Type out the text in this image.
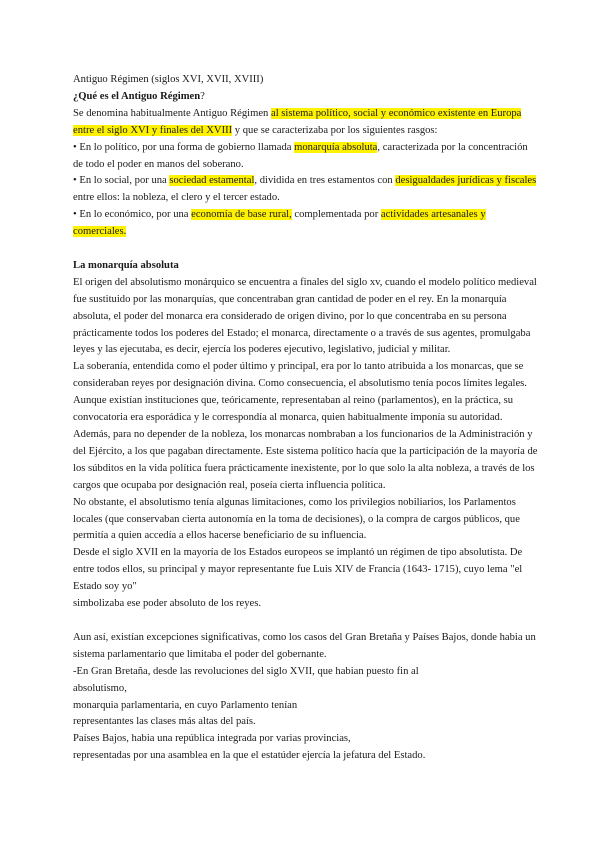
Antiguo Régimen (siglos XVI, XVII, XVIII)
¿Qué es el Antiguo Régimen?
Se denomina habitualmente Antiguo Régimen al sistema político, social y económico existente en Europa
entre el siglo XVI y finales del XVIII y que se caracterizaba por los siguientes rasgos:
• En lo político, por una forma de gobierno llamada monarquía absoluta, caracterizada por la concentración
de todo el poder en manos del soberano.
• En lo social, por una sociedad estamental, dividida en tres estamentos con desigualdades jurídicas y fiscales
entre ellos: la nobleza, el clero y el tercer estado.
• En lo económico, por una economía de base rural, complementada por actividades artesanales y
comerciales.
La monarquía absoluta
El origen del absolutismo monárquico se encuentra a finales del siglo xv, cuando el modelo político medieval
fue sustituido por las monarquías, que concentraban gran cantidad de poder en el rey. En la monarquía
absoluta, el poder del monarca era considerado de origen divino, por lo que concentraba en su persona
prácticamente todos los poderes del Estado; el monarca, directamente o a través de sus agentes, promulgaba
leyes y las ejecutaba, es decir, ejercía los poderes ejecutivo, legislativo, judicial y militar.
La soberanía, entendida como el poder último y principal, era por lo tanto atribuida a los monarcas, que se
consideraban reyes por designación divina. Como consecuencia, el absolutismo tenía pocos límites legales.
Aunque existían instituciones que, teóricamente, representaban al reino (parlamentos), en la práctica, su
convocatoria era esporádica y le correspondía al monarca, quien habitualmente imponía su autoridad.
Además, para no depender de la nobleza, los monarcas nombraban a los funcionarios de la Administración y
del Ejército, a los que pagaban directamente. Este sistema político hacía que la participación de la mayoría de
los súbditos en la vida política fuera prácticamente inexistente, por lo que solo la alta nobleza, a través de los
cargos que ocupaba por designación real, poseía cierta influencia política.
No obstante, el absolutismo tenía algunas limitaciones, como los privilegios nobiliarios, los Parlamentos
locales (que conservaban cierta autonomía en la toma de decisiones), o la compra de cargos públicos, que
permitía a quien accedía a ellos hacerse beneficiario de su influencia.
Desde el siglo XVII en la mayoría de los Estados europeos se implantó un régimen de tipo absolutista. De
entre todos ellos, su principal y mayor representante fue Luis XIV de Francia (1643- 1715), cuyo lema "el
Estado soy yo"
simbolizaba ese poder absoluto de los reyes.
Aun así, existían excepciones significativas, como los casos del Gran Bretaña y Países Bajos, donde habia un
sistema parlamentario que limitaba el poder del gobernante.
-En Gran Bretaña, desde las revoluciones del siglo XVII, que habian puesto fin al
absolutismo,
monarquia parlamentaria, en cuyo Parlamento tenían
representantes las clases más altas del país.
Países Bajos, habia una república integrada por varias provincias,
representadas por una asamblea en la que el estatúder ejercía la jefatura del Estado.
